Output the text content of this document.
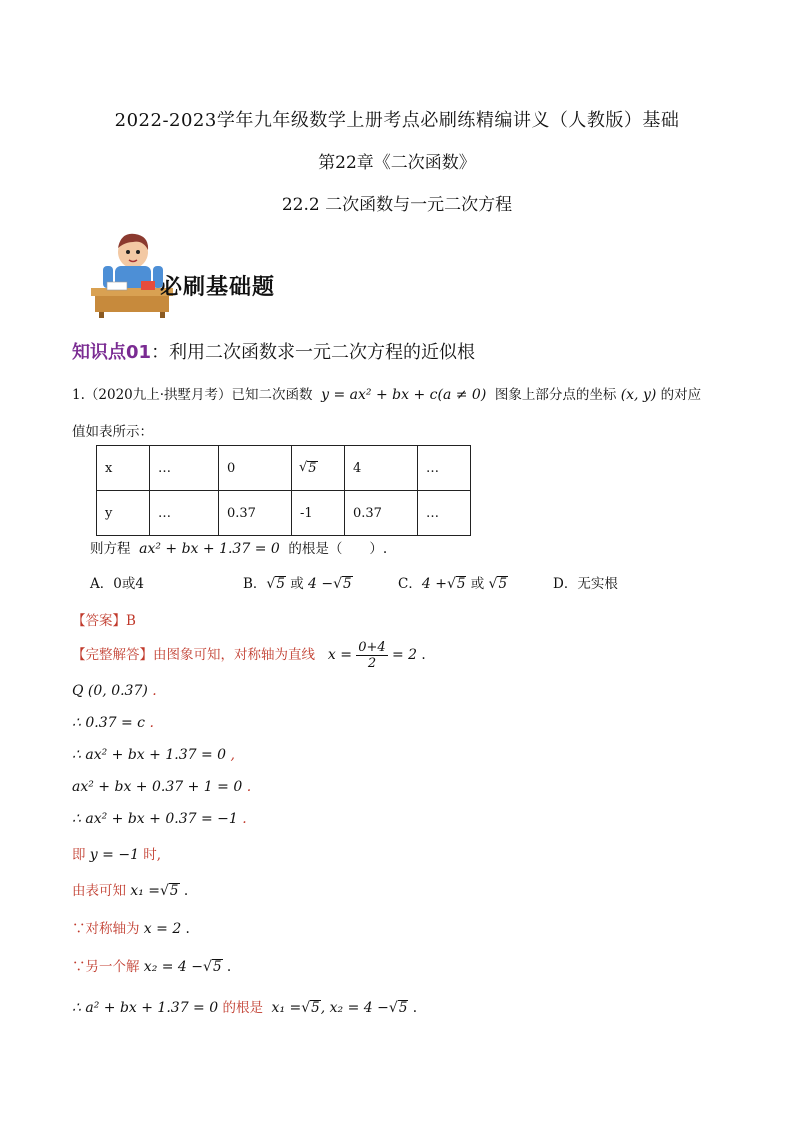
2022-2023学年九年级数学上册考点必刷练精编讲义（人教版）基础
第22章《二次函数》
22.2 二次函数与一元二次方程
必刷基础题
知识点01：利用二次函数求一元二次方程的近似根
1.（2020九上·拱墅月考）已知二次函数 y = ax² + bx + c(a ≠ 0) 图象上部分点的坐标 (x, y) 的对应
值如表所示：
x	…	0	√5	4	…
y	…	0.37	-1	0.37	…
则方程 ax² + bx + 1.37 = 0 的根是（　　）.
A．0或4	B．√5 或 4 −√5	C．4 +√5 或 √5	D．无实根
【答案】B
【完整解答】由图象可知，对称轴为直线 $x = \frac{0+4}{2} = 2$ .
Q (0, 0.37) .
∴ 0.37 = c .
∴ ax² + bx + 1.37 = 0 ,
ax² + bx + 0.37 + 1 = 0 .
∴ ax² + bx + 0.37 = −1 .
即 y = −1 时,
由表可知 x₁ =√5 .
∵对称轴为 x = 2 .
∵另一个解 x₂ = 4 −√5 .
∴ a² + bx + 1.37 = 0 的根是 x₁ =√5, x₂ = 4 −√5 .
